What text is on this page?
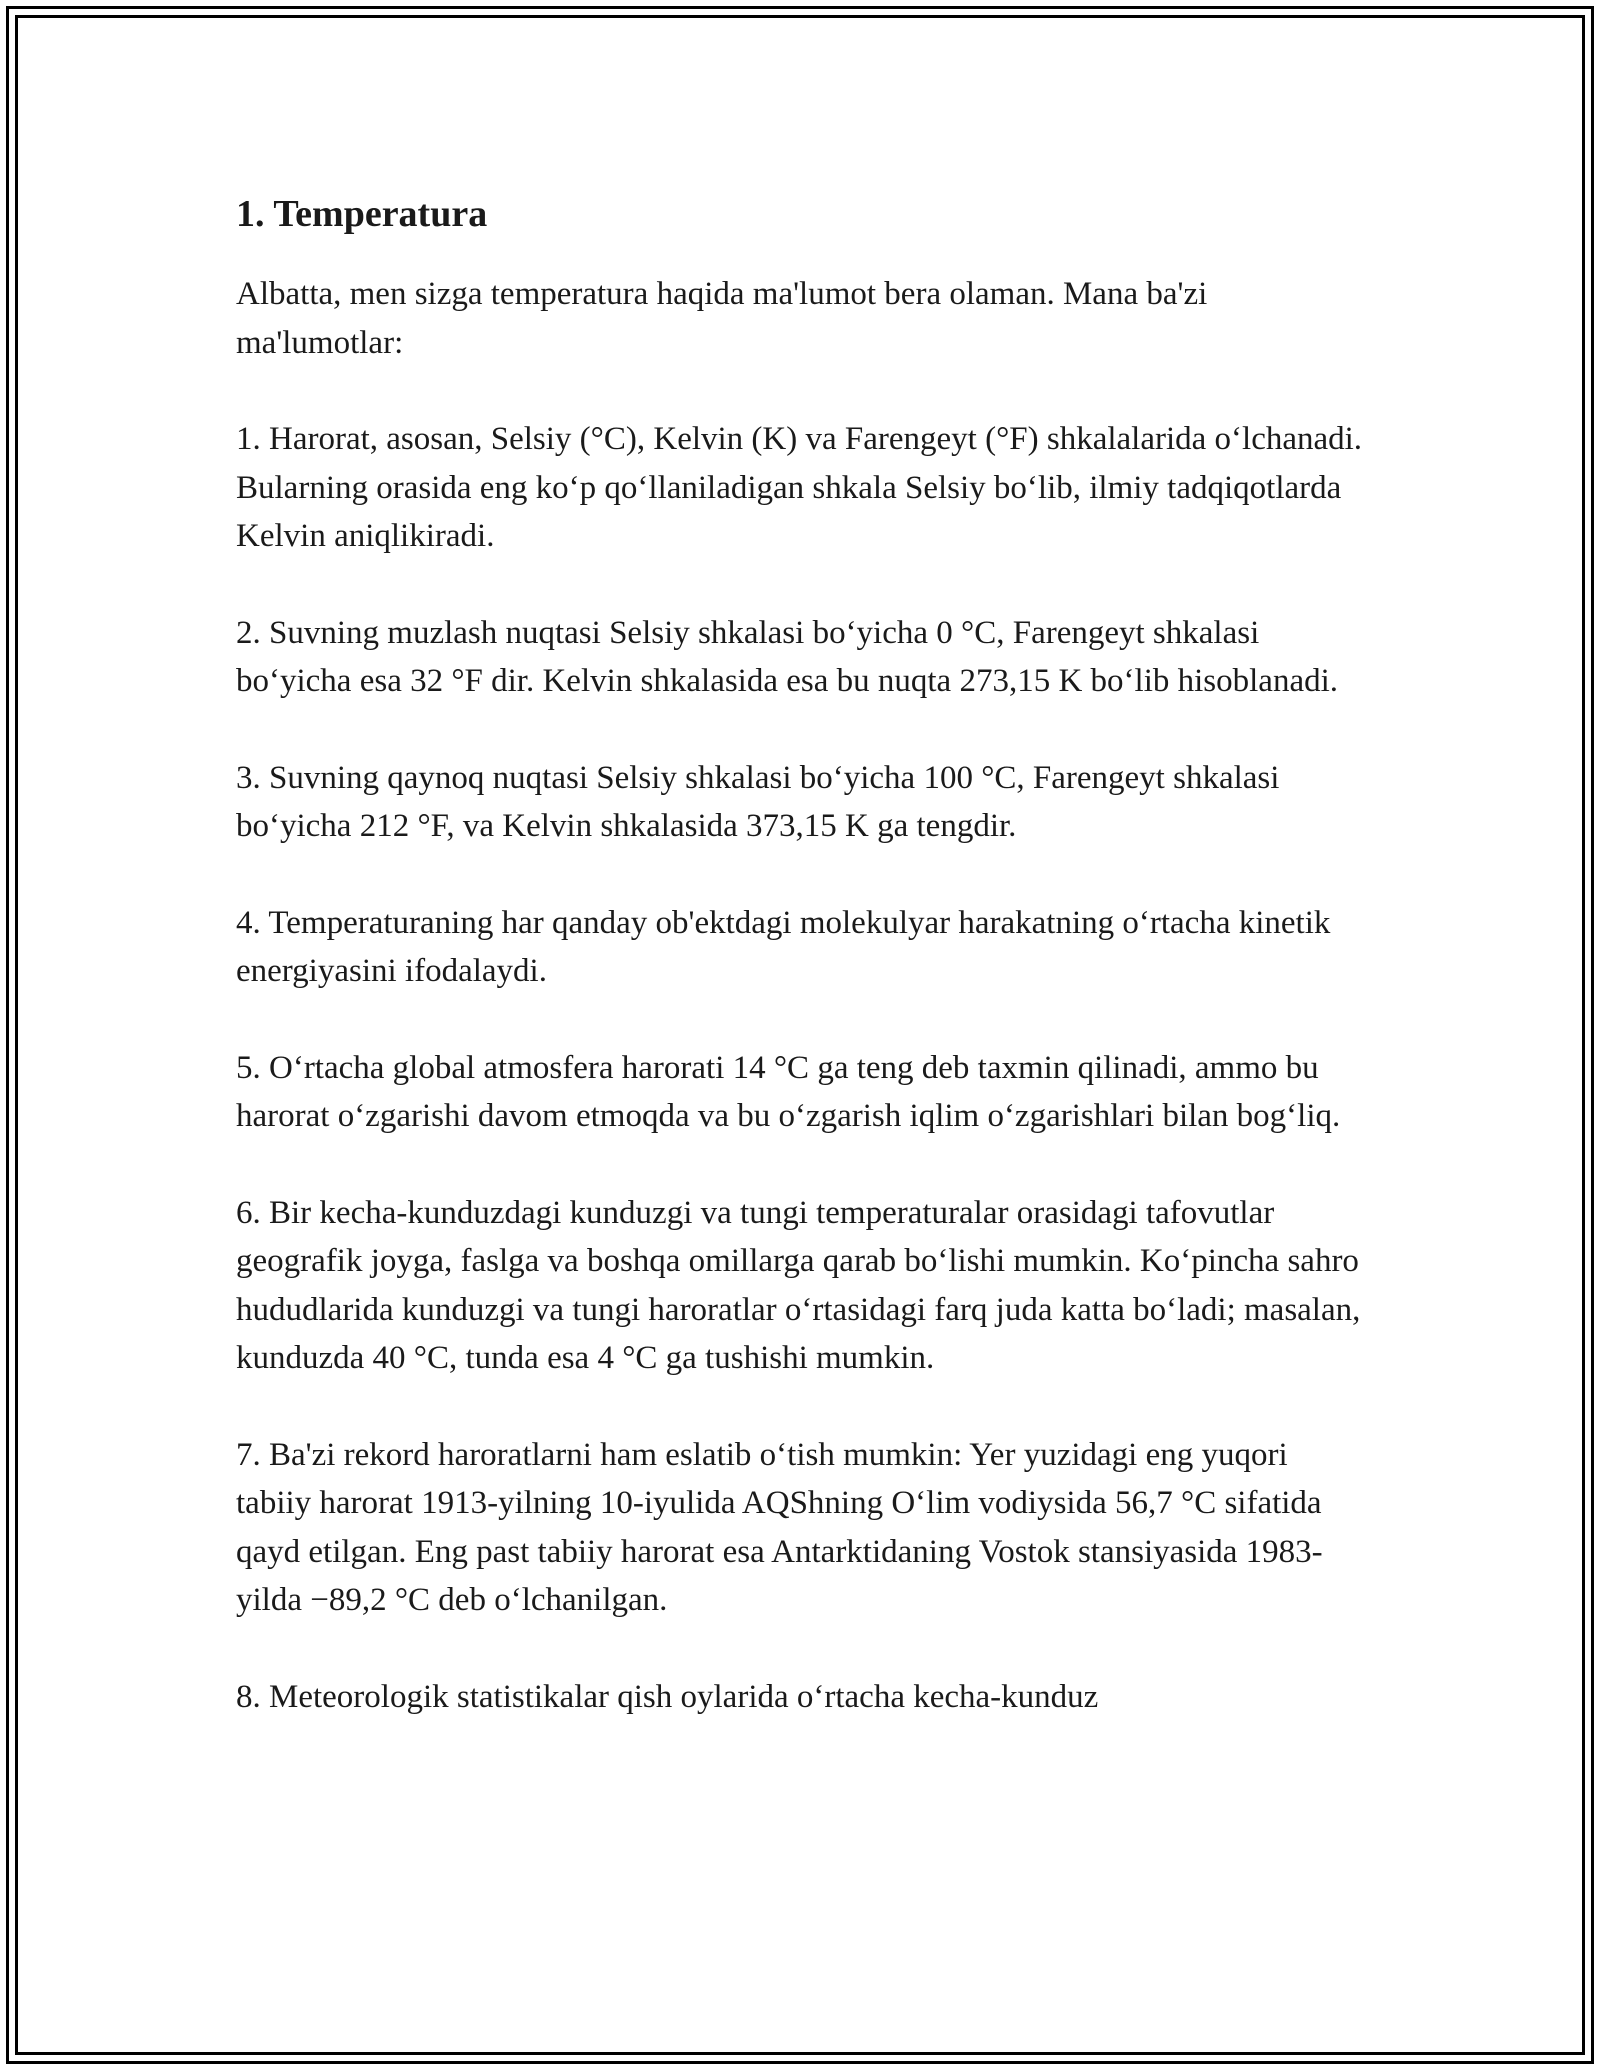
1. Temperatura

Albatta, men sizga temperatura haqida ma'lumot bera olaman. Mana ba'zi ma'lumotlar:

1. Harorat, asosan, Selsiy (°C), Kelvin (K) va Farengeyt (°F) shkalalarida o‘lchanadi. Bularning orasida eng ko‘p qo‘llaniladigan shkala Selsiy bo‘lib, ilmiy tadqiqotlarda Kelvin aniqlikiradi.

2. Suvning muzlash nuqtasi Selsiy shkalasi bo‘yicha 0 °C, Farengeyt shkalasi bo‘yicha esa 32 °F dir. Kelvin shkalasida esa bu nuqta 273,15 K bo‘lib hisoblanadi.

3. Suvning qaynoq nuqtasi Selsiy shkalasi bo‘yicha 100 °C, Farengeyt shkalasi bo‘yicha 212 °F, va Kelvin shkalasida 373,15 K ga tengdir.

4. Temperaturaning har qanday ob'ektdagi molekulyar harakatning o‘rtacha kinetik energiyasini ifodalaydi.

5. O‘rtacha global atmosfera harorati 14 °C ga teng deb taxmin qilinadi, ammo bu harorat o‘zgarishi davom etmoqda va bu o‘zgarish iqlim o‘zgarishlari bilan bog‘liq.

6. Bir kecha-kunduzdagi kunduzgi va tungi temperaturalar orasidagi tafovutlar geografik joyga, faslga va boshqa omillarga qarab bo‘lishi mumkin. Ko‘pincha sahro hududlarida kunduzgi va tungi haroratlar o‘rtasidagi farq juda katta bo‘ladi; masalan, kunduzda 40 °C, tunda esa 4 °C ga tushishi mumkin.

7. Ba'zi rekord haroratlarni ham eslatib o‘tish mumkin: Yer yuzidagi eng yuqori tabiiy harorat 1913-yilning 10-iyulida AQShning O‘lim vodiysida 56,7 °C sifatida qayd etilgan. Eng past tabiiy harorat esa Antarktidaning Vostok stansiyasida 1983-yilda −89,2 °C deb o‘lchanilgan.

8. Meteorologik statistikalar qish oylarida o‘rtacha kecha-kunduz
